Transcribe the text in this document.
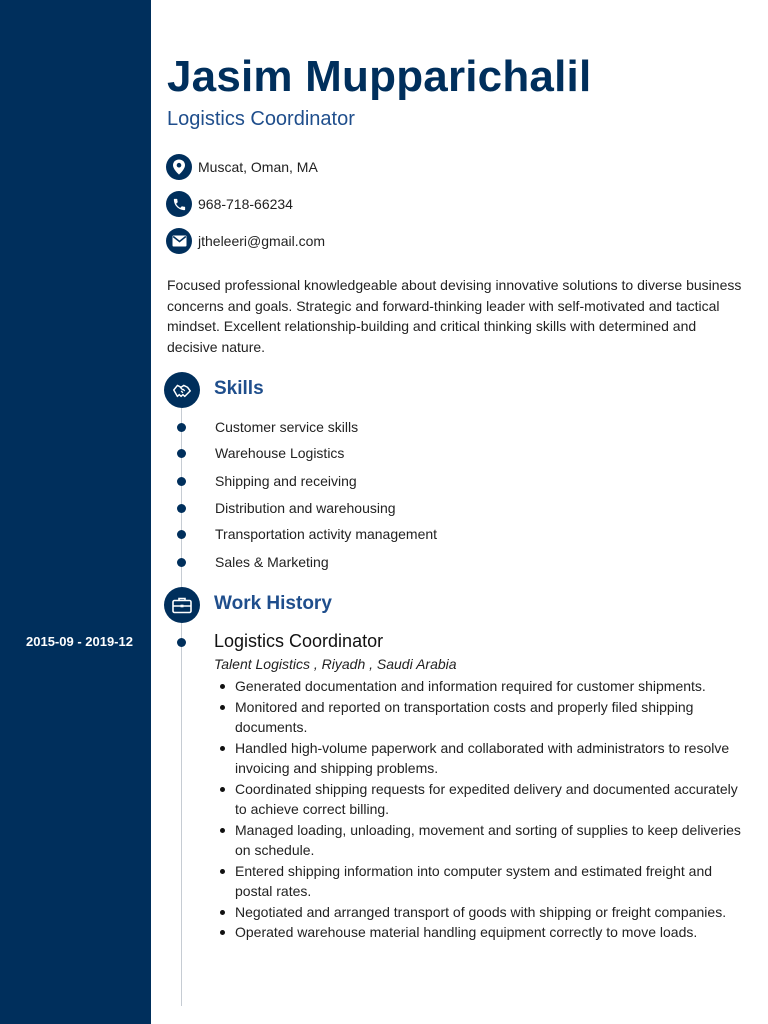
2015-09 - 2019-12
Jasim Mupparichalil
Logistics Coordinator
Muscat, Oman, MA
968-718-66234
jtheleeri@gmail.com
Focused professional knowledgeable about devising innovative solutions to diverse business concerns and goals. Strategic and forward-thinking leader with self-motivated and tactical mindset. Excellent relationship-building and critical thinking skills with determined and decisive nature.
Skills
Customer service skills
Warehouse Logistics
Shipping and receiving
Distribution and warehousing
Transportation activity management
Sales & Marketing
Work History
Logistics Coordinator
Talent Logistics , Riyadh , Saudi Arabia
Generated documentation and information required for customer shipments.
Monitored and reported on transportation costs and properly filed shipping documents.
Handled high-volume paperwork and collaborated with administrators to resolve invoicing and shipping problems.
Coordinated shipping requests for expedited delivery and documented accurately to achieve correct billing.
Managed loading, unloading, movement and sorting of supplies to keep deliveries on schedule.
Entered shipping information into computer system and estimated freight and postal rates.
Negotiated and arranged transport of goods with shipping or freight companies.
Operated warehouse material handling equipment correctly to move loads.
